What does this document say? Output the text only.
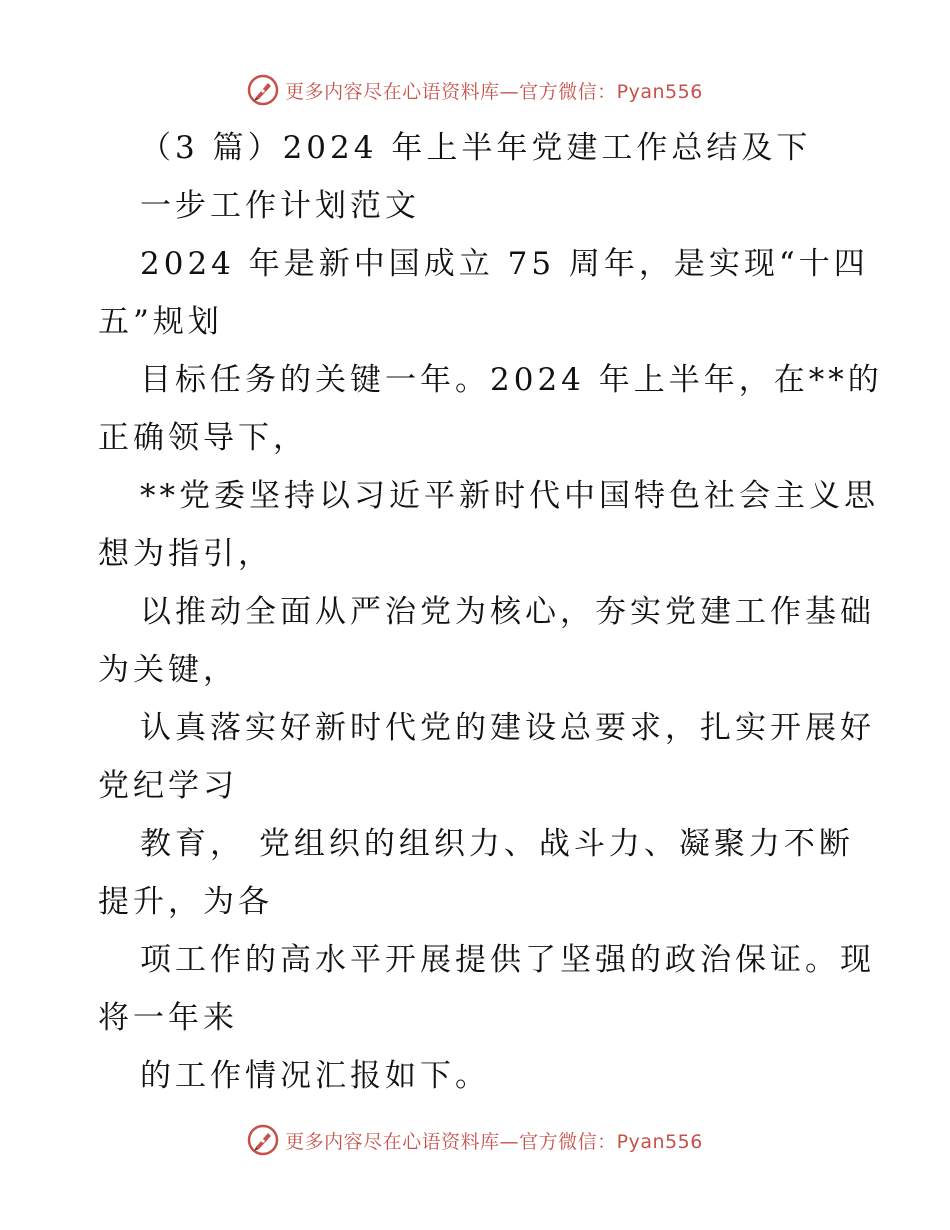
更多内容尽在心语资料库—官方微信：Pyan556
（3 篇）2024 年上半年党建工作总结及下
一步工作计划范文
2024 年是新中国成立 75 周年，是实现“十四
五”规划
目标任务的关键一年。2024 年上半年，在**的
正确领导下，
**党委坚持以习近平新时代中国特色社会主义思
想为指引，
以推动全面从严治党为核心，夯实党建工作基础
为关键，
认真落实好新时代党的建设总要求，扎实开展好
党纪学习
教育， 党组织的组织力、战斗力、凝聚力不断
提升，为各
项工作的高水平开展提供了坚强的政治保证。现
将一年来
的工作情况汇报如下。
更多内容尽在心语资料库—官方微信：Pyan556
